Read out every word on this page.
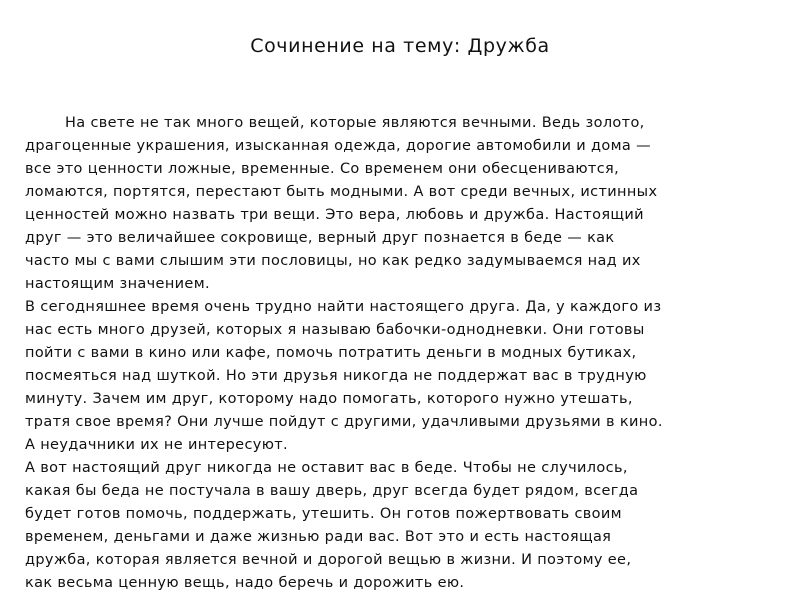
Сочинение на тему: Дружба
На свете не так много вещей, которые являются вечными. Ведь золото,
драгоценные украшения, изысканная одежда, дорогие автомобили и дома —
все это ценности ложные, временные. Со временем они обесцениваются,
ломаются, портятся, перестают быть модными. А вот среди вечных, истинных
ценностей можно назвать три вещи. Это вера, любовь и дружба. Настоящий
друг — это величайшее сокровище, верный друг познается в беде — как
часто мы с вами слышим эти пословицы, но как редко задумываемся над их
настоящим значением.
В сегодняшнее время очень трудно найти настоящего друга. Да, у каждого из
нас есть много друзей, которых я называю бабочки-однодневки. Они готовы
пойти с вами в кино или кафе, помочь потратить деньги в модных бутиках,
посмеяться над шуткой. Но эти друзья никогда не поддержат вас в трудную
минуту. Зачем им друг, которому надо помогать, которого нужно утешать,
тратя свое время? Они лучше пойдут с другими, удачливыми друзьями в кино.
А неудачники их не интересуют.
А вот настоящий друг никогда не оставит вас в беде. Чтобы не случилось,
какая бы беда не постучала в вашу дверь, друг всегда будет рядом, всегда
будет готов помочь, поддержать, утешить. Он готов пожертвовать своим
временем, деньгами и даже жизнью ради вас. Вот это и есть настоящая
дружба, которая является вечной и дорогой вещью в жизни. И поэтому ее,
как весьма ценную вещь, надо беречь и дорожить ею.
